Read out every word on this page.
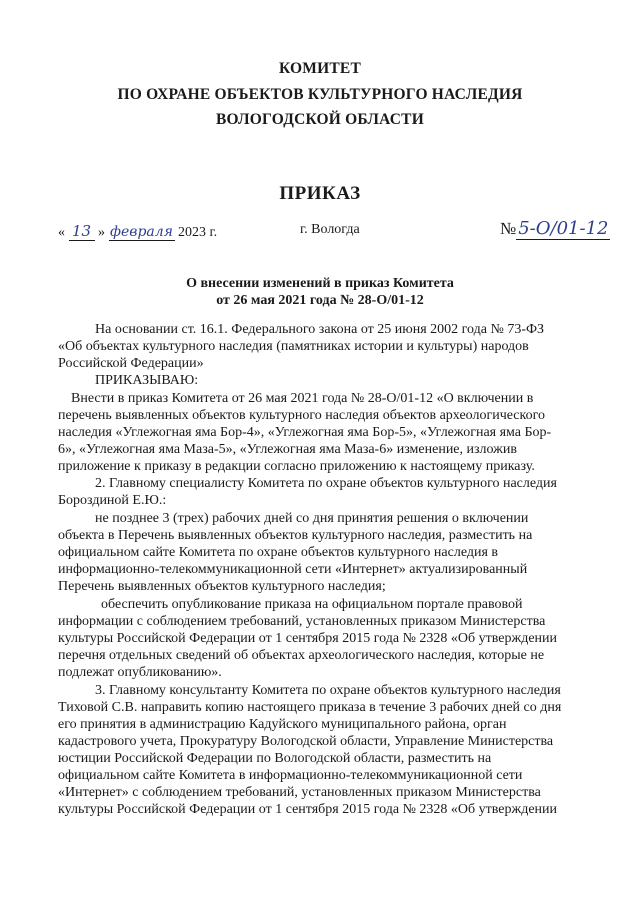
КОМИТЕТ
ПО ОХРАНЕ ОБЪЕКТОВ КУЛЬТУРНОГО НАСЛЕДИЯ
ВОЛОГОДСКОЙ ОБЛАСТИ
ПРИКАЗ
« 13 » февраля 2023 г.	г. Вологда	№ 5-О/01-12
О внесении изменений в приказ Комитета
от 26 мая 2021 года № 28-О/01-12
На основании ст. 16.1. Федерального закона от 25 июня 2002 года № 73-ФЗ
«Об объектах культурного наследия (памятниках истории и культуры) народов
Российской Федерации»
ПРИКАЗЫВАЮ:
Внести в приказ Комитета от 26 мая 2021 года № 28-О/01-12 «О включении в
перечень выявленных объектов культурного наследия объектов археологического
наследия «Углежогная яма Бор-4», «Углежогная яма Бор-5», «Углежогная яма Бор-
6», «Углежогная яма Маза-5», «Углежогная яма Маза-6» изменение, изложив
приложение к приказу в редакции согласно приложению к настоящему приказу.
2. Главному специалисту Комитета по охране объектов культурного наследия
Бороздиной Е.Ю.:
не позднее 3 (трех) рабочих дней со дня принятия решения о включении
объекта в Перечень выявленных объектов культурного наследия, разместить на
официальном сайте Комитета по охране объектов культурного наследия в
информационно-телекоммуникационной сети «Интернет» актуализированный
Перечень выявленных объектов культурного наследия;
обеспечить опубликование приказа на официальном портале правовой
информации с соблюдением требований, установленных приказом Министерства
культуры Российской Федерации от 1 сентября 2015 года № 2328 «Об утверждении
перечня отдельных сведений об объектах археологического наследия, которые не
подлежат опубликованию».
3. Главному консультанту Комитета по охране объектов культурного наследия
Тиховой С.В. направить копию настоящего приказа в течение 3 рабочих дней со дня
его принятия в администрацию Кадуйского муниципального района, орган
кадастрового учета, Прокуратуру Вологодской области, Управление Министерства
юстиции Российской Федерации по Вологодской области, разместить на
официальном сайте Комитета в информационно-телекоммуникационной сети
«Интернет» с соблюдением требований, установленных приказом Министерства
культуры Российской Федерации от 1 сентября 2015 года № 2328 «Об утверждении
